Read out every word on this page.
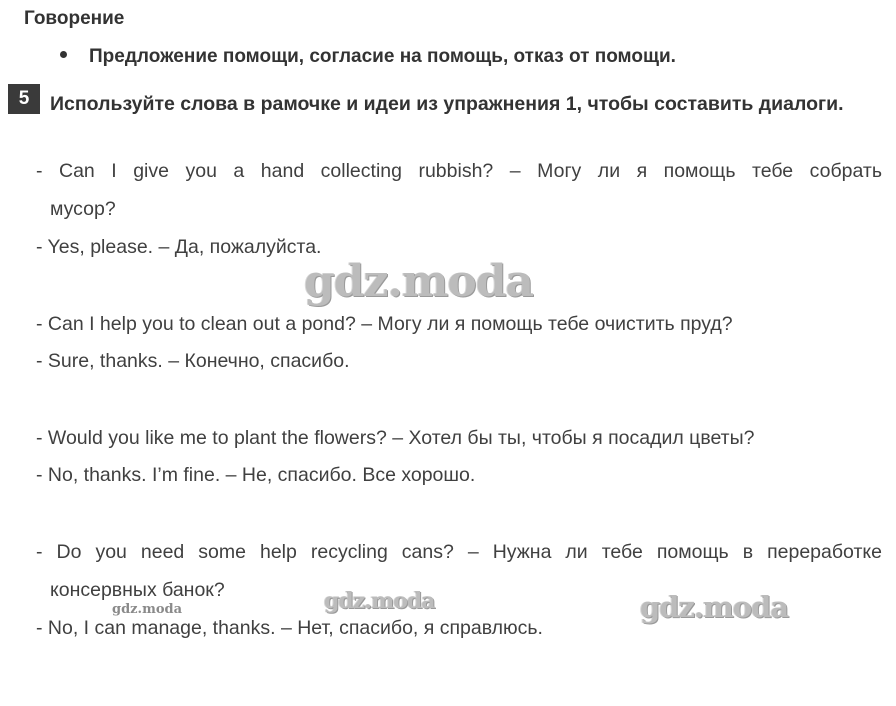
Говорение
Предложение помощи, согласие на помощь, отказ от помощи.
5	Используйте слова в рамочке и идеи из упражнения 1, чтобы составить диалоги.
- Can I give you a hand collecting rubbish? – Могу ли я помощь тебе собрать
мусор?
- Yes, please. – Да, пожалуйста.
- Can I help you to clean out a pond? – Могу ли я помощь тебе очистить пруд?
- Sure, thanks. – Конечно, спасибо.
- Would you like me to plant the flowers? – Хотел бы ты, чтобы я посадил цветы?
- No, thanks. I’m fine. – Не, спасибо. Все хорошо.
- Do you need some help recycling cans? – Нужна ли тебе помощь в переработке
консервных банок?
- No, I can manage, thanks. – Нет, спасибо, я справлюсь.
gdz.moda
gdz.moda	gdz.moda
gdz.moda
